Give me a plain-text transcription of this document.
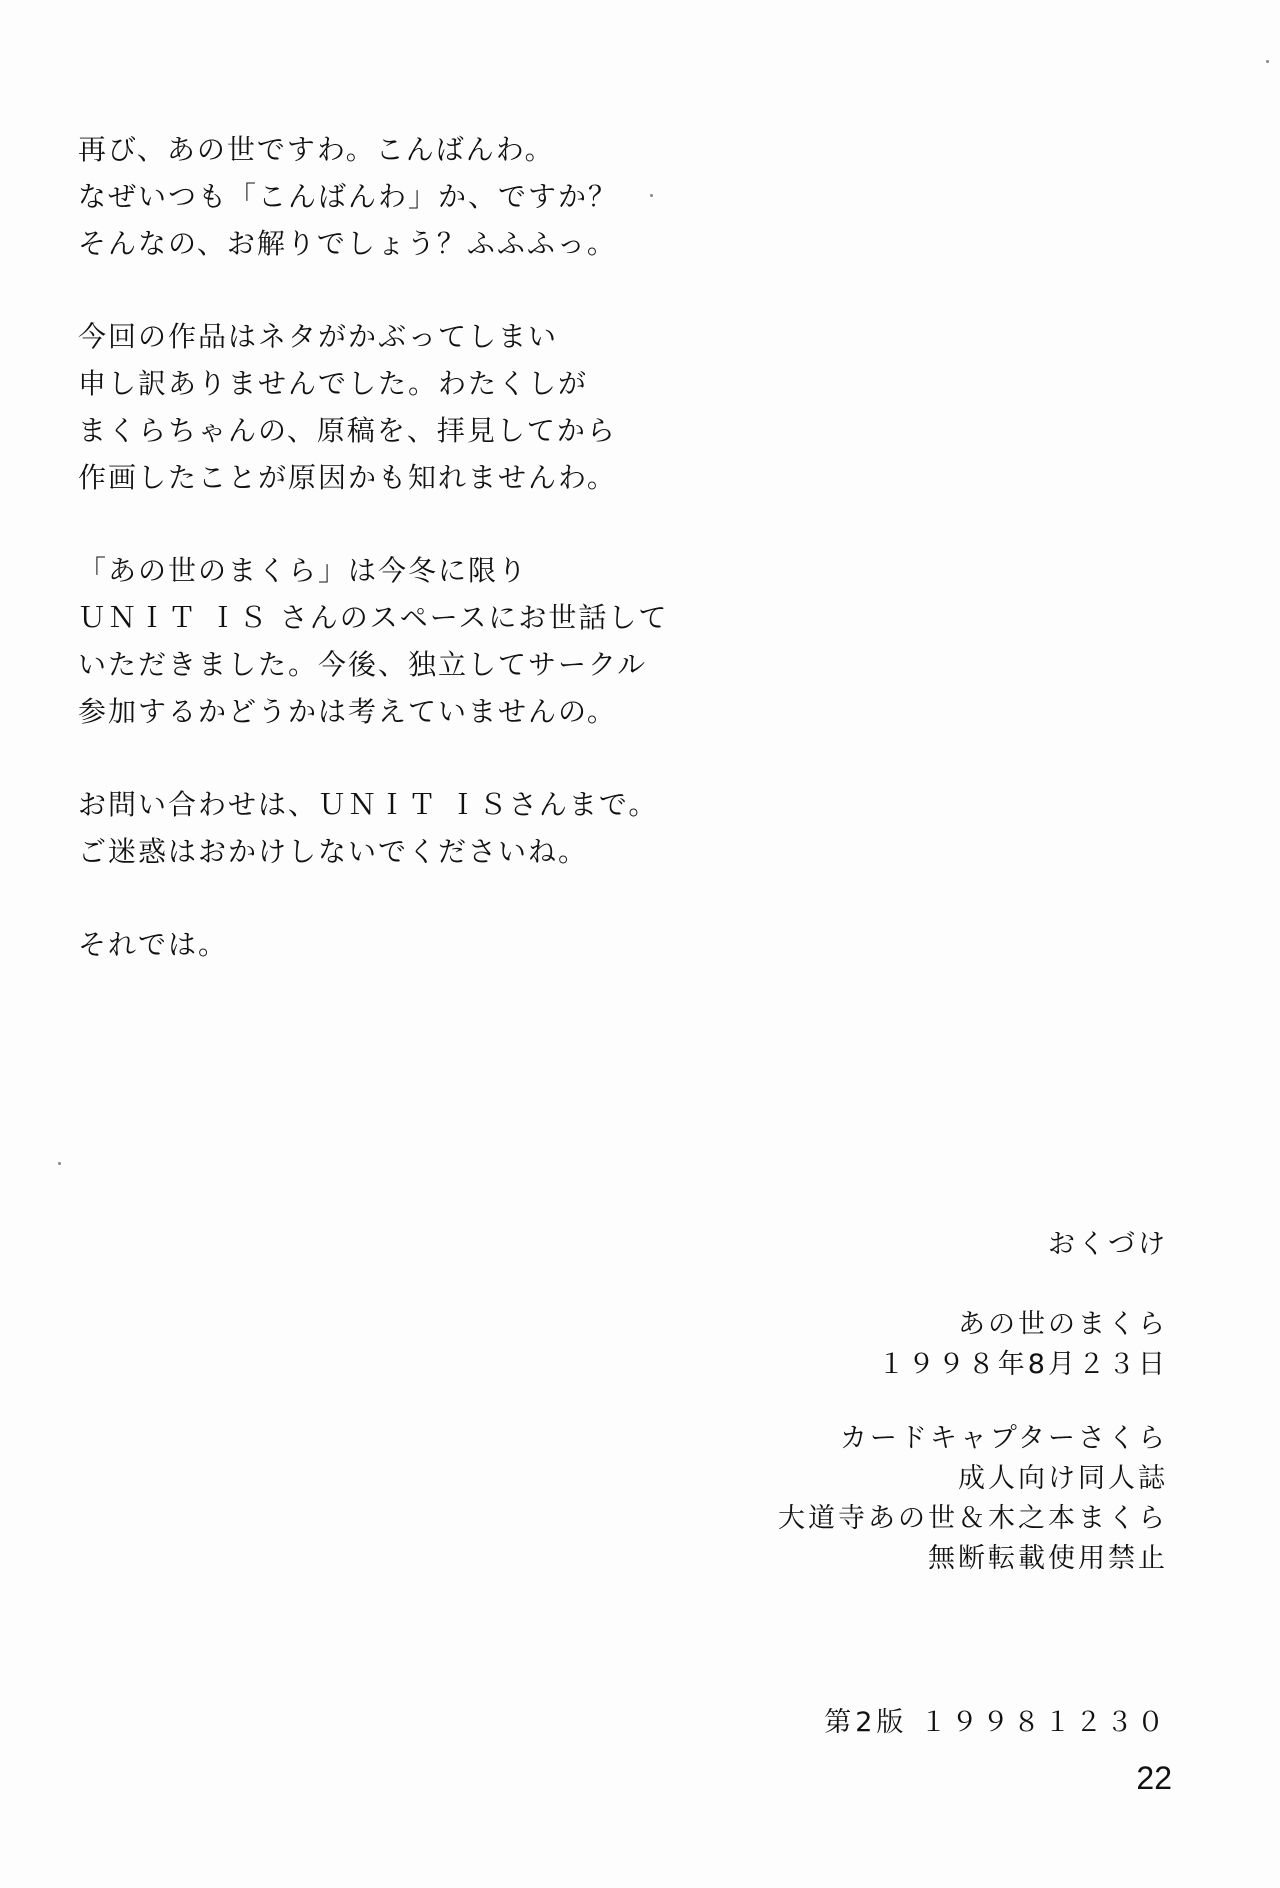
再び、あの世ですわ。こんばんわ。
なぜいつも「こんばんわ」か、ですか？
そんなの、お解りでしょう？ふふふっ。
今回の作品はネタがかぶってしまい
申し訳ありませんでした。わたくしが
まくらちゃんの、原稿を、拝見してから
作画したことが原因かも知れませんわ。
「あの世のまくら」は今冬に限り
ＵＮＩＴ ＩＳ さんのスペースにお世話して
いただきました。今後、独立してサークル
参加するかどうかは考えていませんの。
お問い合わせは、ＵＮＩＴ ＩＳさんまで。
ご迷惑はおかけしないでくださいね。
それでは。
おくづけ
あの世のまくら
１９９８年8月２３日
カードキャプターさくら
成人向け同人誌
大道寺あの世＆木之本まくら
無断転載使用禁止
第2版 １９９８１２３０
22
